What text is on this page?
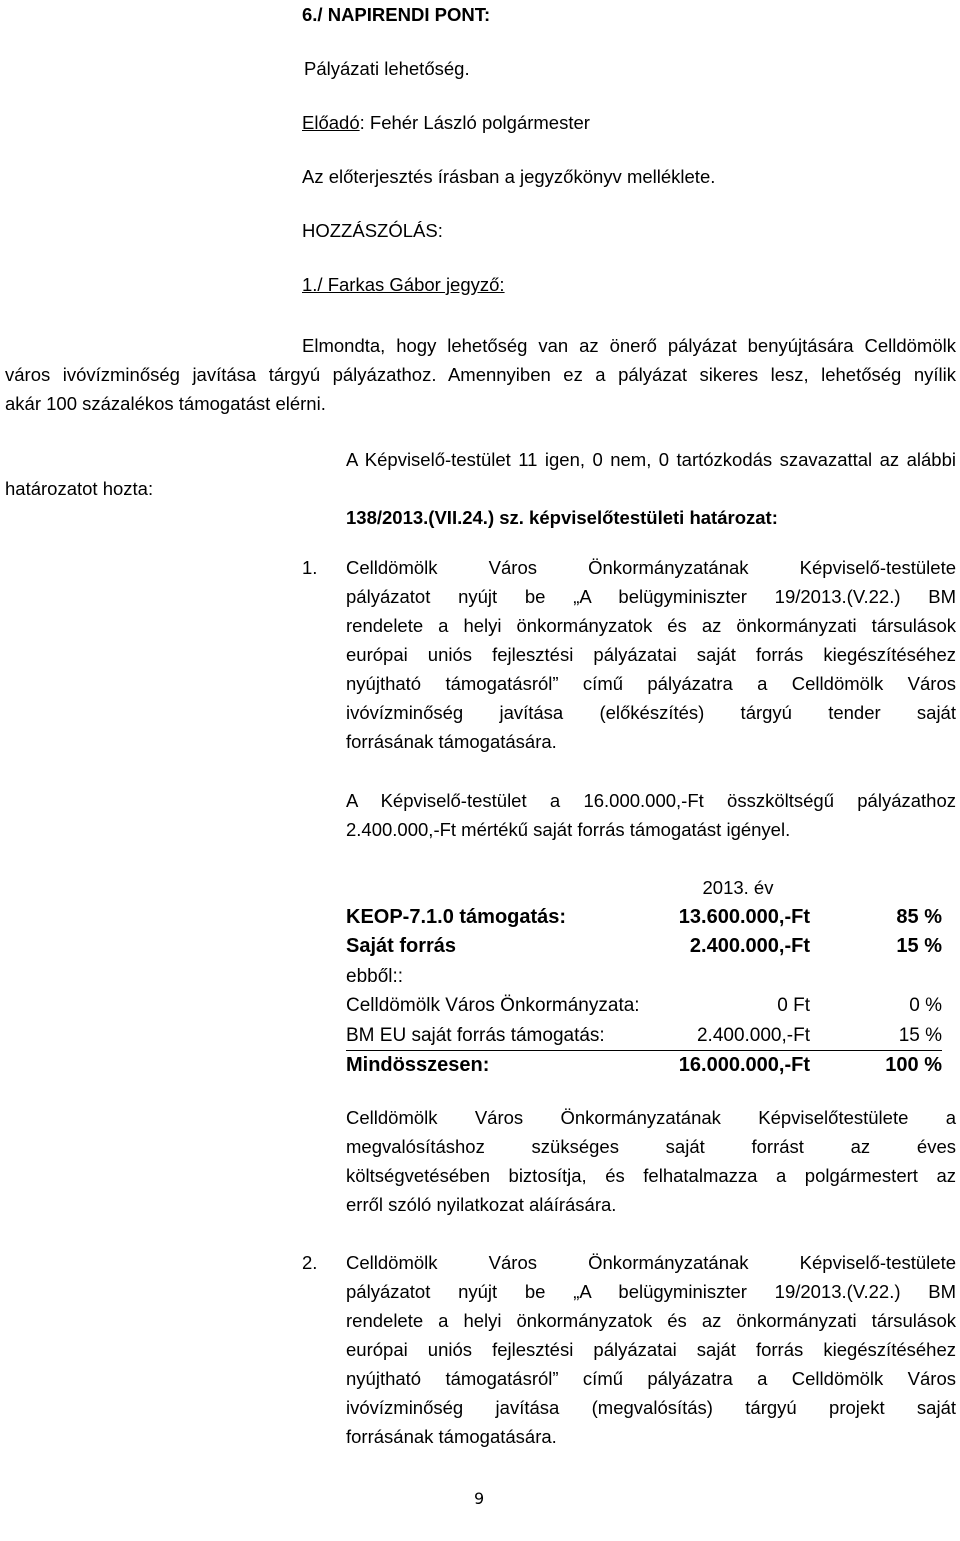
6./ NAPIRENDI PONT:
Pályázati lehetőség.
Előadó: Fehér László polgármester
Az előterjesztés írásban a jegyzőkönyv melléklete.
HOZZÁSZÓLÁS:
1./ Farkas Gábor jegyző:
Elmondta, hogy lehetőség van az önerő pályázat benyújtására Celldömölk
város ivóvízminőség javítása tárgyú pályázathoz. Amennyiben ez a pályázat sikeres lesz, lehetőség nyílik
akár 100 százalékos támogatást elérni.
A Képviselő-testület 11 igen, 0 nem, 0 tartózkodás szavazattal az alábbi
határozatot hozta:
138/2013.(VII.24.) sz. képviselőtestületi határozat:
1. Celldömölk Város Önkormányzatának Képviselő-testülete
pályázatot nyújt be „A belügyminiszter 19/2013.(V.22.) BM
rendelete a helyi önkormányzatok és az önkormányzati társulások
európai uniós fejlesztési pályázatai saját forrás kiegészítéséhez
nyújtható támogatásról” című pályázatra a Celldömölk Város
ivóvízminőség javítása (előkészítés) tárgyú tender saját
forrásának támogatására.
A Képviselő-testület a 16.000.000,-Ft összköltségű pályázathoz
2.400.000,-Ft mértékű saját forrás támogatást igényel.
	2013. év	
KEOP-7.1.0 támogatás:	13.600.000,-Ft	85 %
Saját forrás	2.400.000,-Ft	15 %
ebből::		
Celldömölk Város Önkormányzata:	0 Ft	0 %
BM EU saját forrás támogatás:	2.400.000,-Ft	15 %
Mindösszesen:	16.000.000,-Ft	100 %
Celldömölk Város Önkormányzatának Képviselőtestülete a
megvalósításhoz szükséges saját forrást az éves
költségvetésében biztosítja, és felhatalmazza a polgármestert az
erről szóló nyilatkozat aláírására.
2. Celldömölk Város Önkormányzatának Képviselő-testülete
pályázatot nyújt be „A belügyminiszter 19/2013.(V.22.) BM
rendelete a helyi önkormányzatok és az önkormányzati társulások
európai uniós fejlesztési pályázatai saját forrás kiegészítéséhez
nyújtható támogatásról” című pályázatra a Celldömölk Város
ivóvízminőség javítása (megvalósítás) tárgyú projekt saját
forrásának támogatására.
9
